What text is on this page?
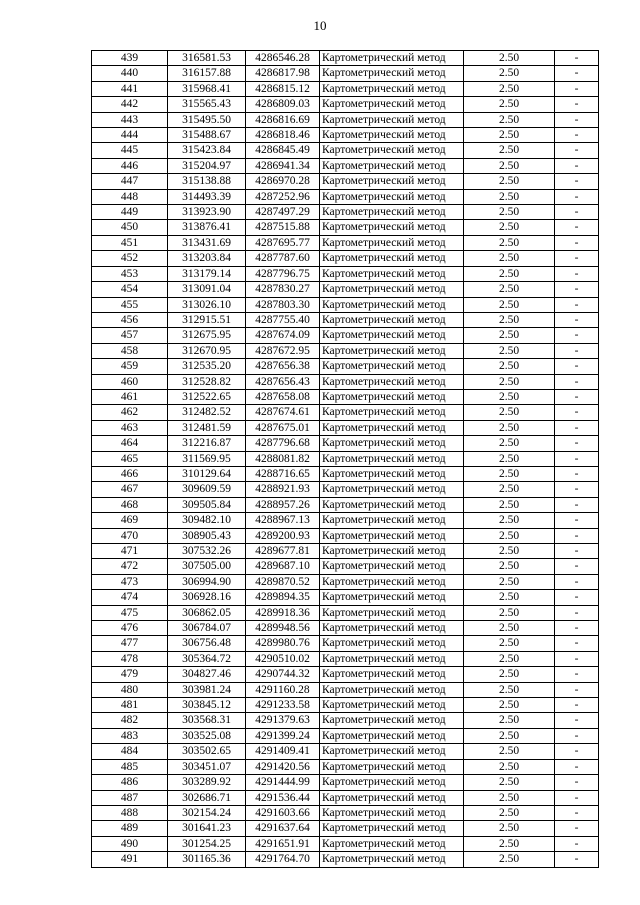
10
439	316581.53	4286546.28	Картометрический метод	2.50	-
440	316157.88	4286817.98	Картометрический метод	2.50	-
441	315968.41	4286815.12	Картометрический метод	2.50	-
442	315565.43	4286809.03	Картометрический метод	2.50	-
443	315495.50	4286816.69	Картометрический метод	2.50	-
444	315488.67	4286818.46	Картометрический метод	2.50	-
445	315423.84	4286845.49	Картометрический метод	2.50	-
446	315204.97	4286941.34	Картометрический метод	2.50	-
447	315138.88	4286970.28	Картометрический метод	2.50	-
448	314493.39	4287252.96	Картометрический метод	2.50	-
449	313923.90	4287497.29	Картометрический метод	2.50	-
450	313876.41	4287515.88	Картометрический метод	2.50	-
451	313431.69	4287695.77	Картометрический метод	2.50	-
452	313203.84	4287787.60	Картометрический метод	2.50	-
453	313179.14	4287796.75	Картометрический метод	2.50	-
454	313091.04	4287830.27	Картометрический метод	2.50	-
455	313026.10	4287803.30	Картометрический метод	2.50	-
456	312915.51	4287755.40	Картометрический метод	2.50	-
457	312675.95	4287674.09	Картометрический метод	2.50	-
458	312670.95	4287672.95	Картометрический метод	2.50	-
459	312535.20	4287656.38	Картометрический метод	2.50	-
460	312528.82	4287656.43	Картометрический метод	2.50	-
461	312522.65	4287658.08	Картометрический метод	2.50	-
462	312482.52	4287674.61	Картометрический метод	2.50	-
463	312481.59	4287675.01	Картометрический метод	2.50	-
464	312216.87	4287796.68	Картометрический метод	2.50	-
465	311569.95	4288081.82	Картометрический метод	2.50	-
466	310129.64	4288716.65	Картометрический метод	2.50	-
467	309609.59	4288921.93	Картометрический метод	2.50	-
468	309505.84	4288957.26	Картометрический метод	2.50	-
469	309482.10	4288967.13	Картометрический метод	2.50	-
470	308905.43	4289200.93	Картометрический метод	2.50	-
471	307532.26	4289677.81	Картометрический метод	2.50	-
472	307505.00	4289687.10	Картометрический метод	2.50	-
473	306994.90	4289870.52	Картометрический метод	2.50	-
474	306928.16	4289894.35	Картометрический метод	2.50	-
475	306862.05	4289918.36	Картометрический метод	2.50	-
476	306784.07	4289948.56	Картометрический метод	2.50	-
477	306756.48	4289980.76	Картометрический метод	2.50	-
478	305364.72	4290510.02	Картометрический метод	2.50	-
479	304827.46	4290744.32	Картометрический метод	2.50	-
480	303981.24	4291160.28	Картометрический метод	2.50	-
481	303845.12	4291233.58	Картометрический метод	2.50	-
482	303568.31	4291379.63	Картометрический метод	2.50	-
483	303525.08	4291399.24	Картометрический метод	2.50	-
484	303502.65	4291409.41	Картометрический метод	2.50	-
485	303451.07	4291420.56	Картометрический метод	2.50	-
486	303289.92	4291444.99	Картометрический метод	2.50	-
487	302686.71	4291536.44	Картометрический метод	2.50	-
488	302154.24	4291603.66	Картометрический метод	2.50	-
489	301641.23	4291637.64	Картометрический метод	2.50	-
490	301254.25	4291651.91	Картометрический метод	2.50	-
491	301165.36	4291764.70	Картометрический метод	2.50	-
